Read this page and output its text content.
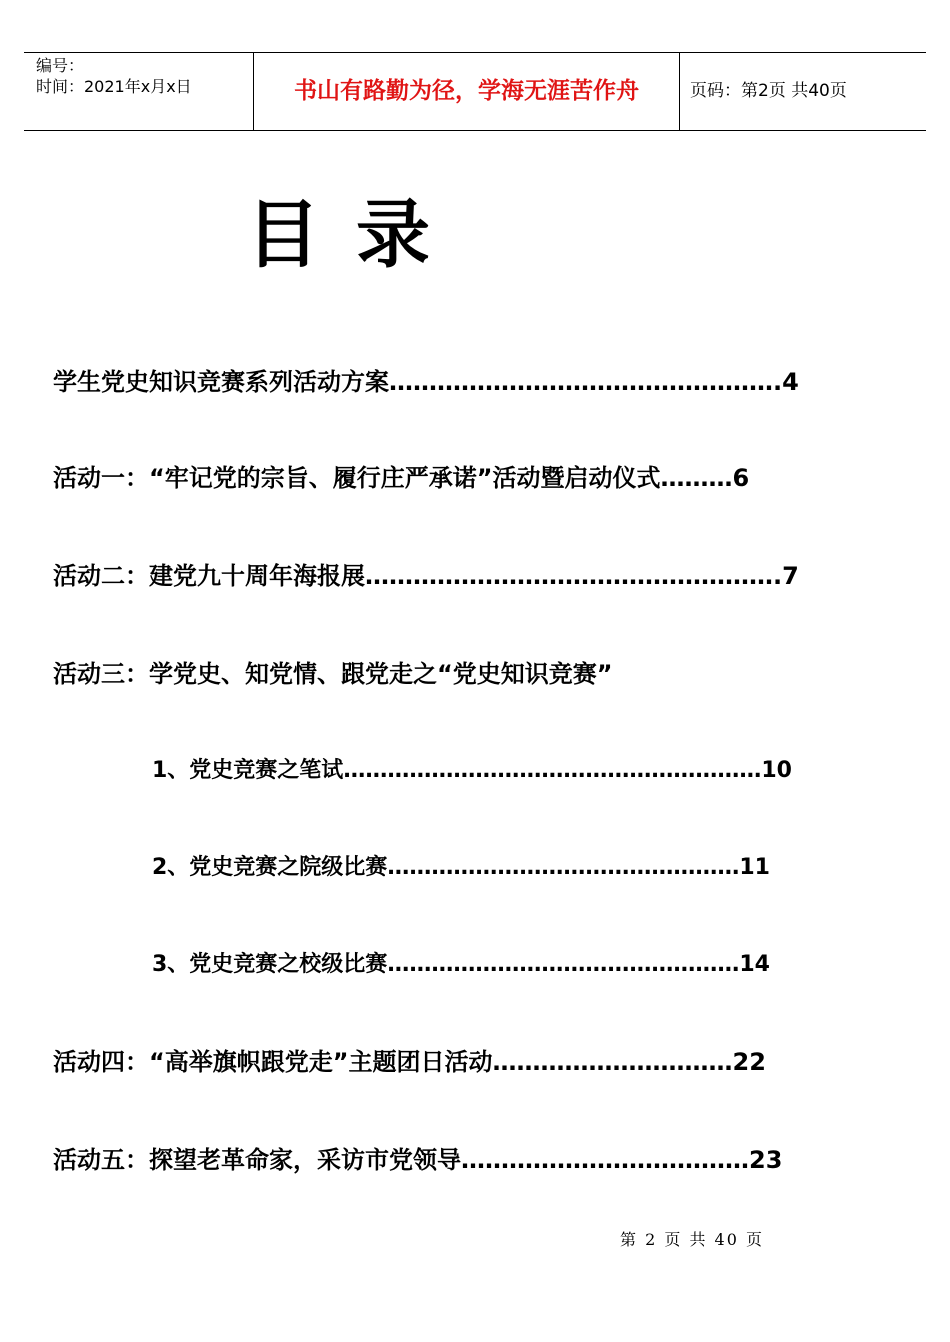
编号：
时间：2021年x月x日	书山有路勤为径，学海无涯苦作舟	页码：第2页 共40页
目录
学生党史知识竞赛系列活动方案………………………………………….4
活动一：“牢记党的宗旨、履行庄严承诺”活动暨启动仪式………6
活动二：建党九十周年海报展…………………………………………….7
活动三：学党史、知党情、跟党走之“党史知识竞赛”
1、党史竞赛之笔试…………………………………………………10
2、党史竞赛之院级比赛…………………………………………11
3、党史竞赛之校级比赛…………………………………………14
活动四：“高举旗帜跟党走”主题团日活动…………………………22
活动五：探望老革命家，采访市党领导………………………………23
第 2 页 共 40 页
